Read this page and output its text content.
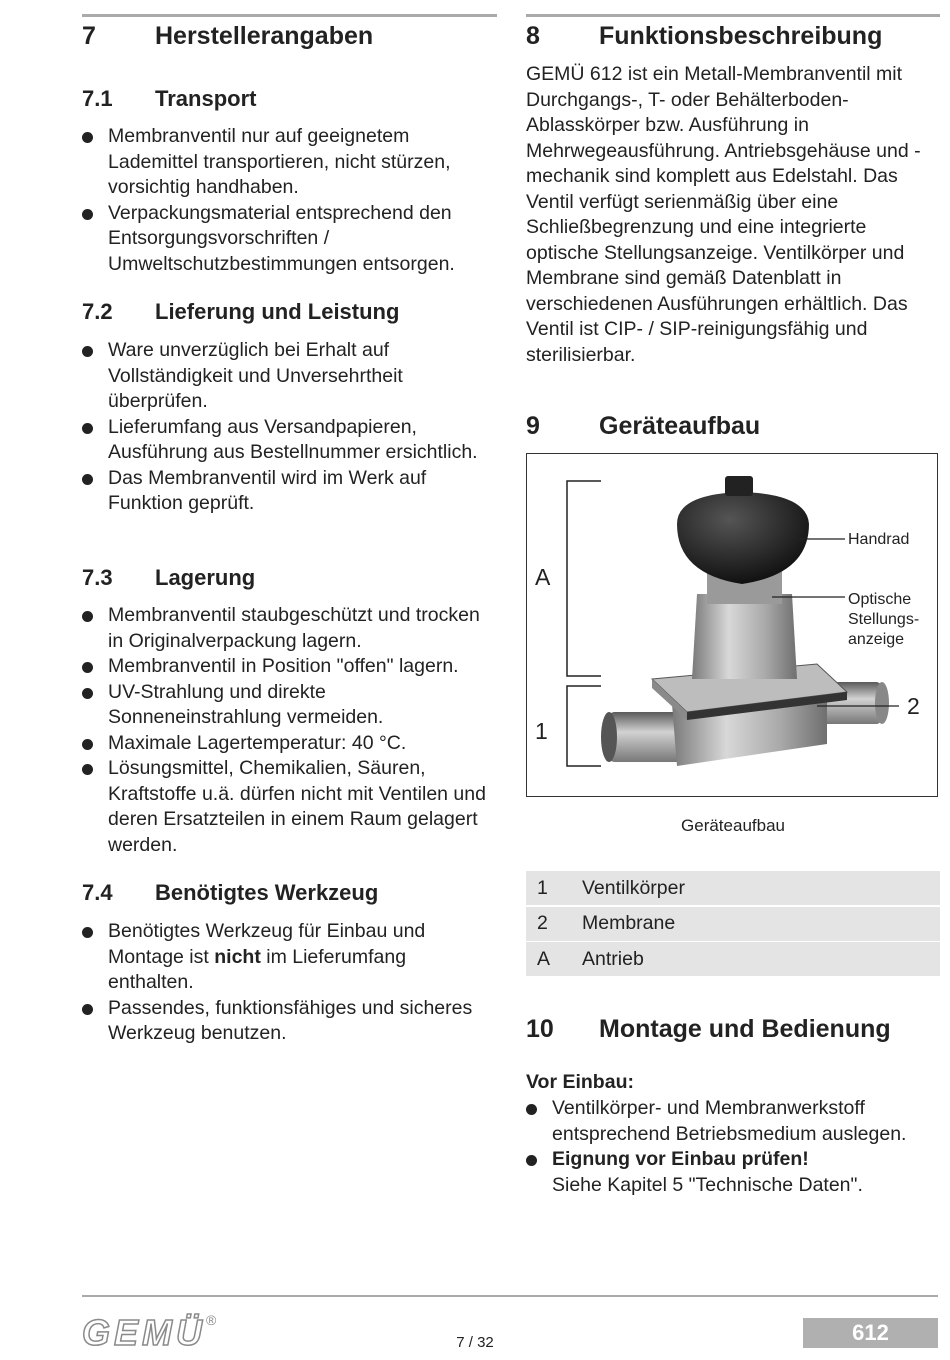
7 Herstellerangaben
7.1 Transport
Membranventil nur auf geeignetem Lademittel transportieren, nicht stürzen, vorsichtig handhaben.
Verpackungsmaterial entsprechend den Entsorgungsvorschriften / Umweltschutzbestimmungen entsorgen.
7.2 Lieferung und Leistung
Ware unverzüglich bei Erhalt auf Vollständigkeit und Unversehrtheit überprüfen.
Lieferumfang aus Versandpapieren, Ausführung aus Bestellnummer ersichtlich.
Das Membranventil wird im Werk auf Funktion geprüft.
7.3 Lagerung
Membranventil staubgeschützt und trocken in Originalverpackung lagern.
Membranventil in Position "offen" lagern.
UV-Strahlung und direkte Sonneneinstrahlung vermeiden.
Maximale Lagertemperatur: 40 °C.
Lösungsmittel, Chemikalien, Säuren, Kraftstoffe u.ä. dürfen nicht mit Ventilen und deren Ersatzteilen in einem Raum gelagert werden.
7.4 Benötigtes Werkzeug
Benötigtes Werkzeug für Einbau und Montage ist nicht im Lieferumfang enthalten.
Passendes, funktionsfähiges und sicheres Werkzeug benutzen.
8 Funktionsbeschreibung

GEMÜ 612 ist ein Metall-Membranventil mit Durchgangs-, T- oder Behälterboden-Ablasskörper bzw. Ausführung in Mehrwegeausführung. Antriebsgehäuse und -mechanik sind komplett aus Edelstahl. Das Ventil verfügt serienmäßig über eine Schließbegrenzung und eine integrierte optische Stellungsanzeige. Ventilkörper und Membrane sind gemäß Datenblatt in verschiedenen Ausführungen erhältlich. Das Ventil ist CIP- / SIP-reinigungsfähig und sterilisierbar.

9 Geräteaufbau
A
1
2
Handrad
Optische
Stellungs-
anzeige
Geräteaufbau
1	Ventilkörper
2	Membrane
A	Antrieb
10 Montage und Bedienung
Vor Einbau:
Ventilkörper- und Membranwerkstoff entsprechend Betriebsmedium auslegen.
Eignung vor Einbau prüfen!
Siehe Kapitel 5 "Technische Daten".
GEMÜ®
7 / 32	612
